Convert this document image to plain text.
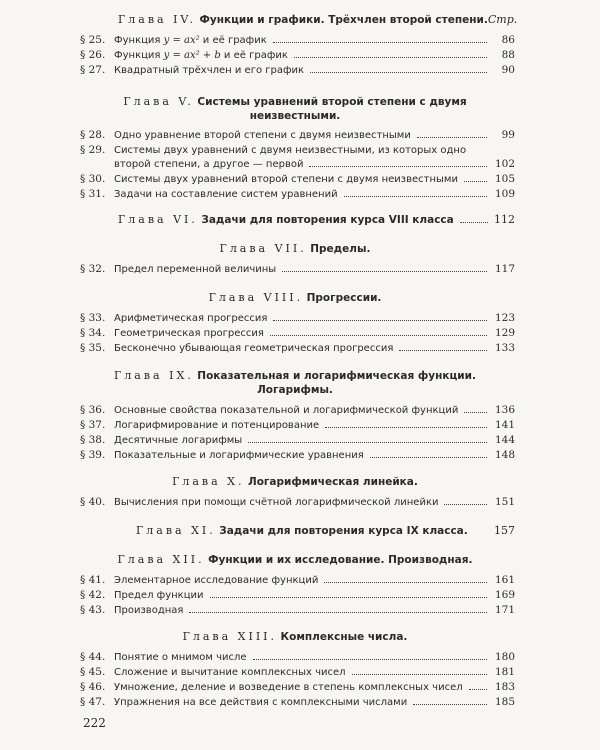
Глава IV. Функции и графики. Трёхчлен второй степени. Стр.
§ 25. Функция y = ax² и её график	86
§ 26. Функция y = ax² + b и её график	88
§ 27. Квадратный трёхчлен и его график	90
Глава V. Системы уравнений второй степени с двумя
неизвестными.
§ 28. Одно уравнение второй степени с двумя неизвестными	99
§ 29. Системы двух уравнений с двумя неизвестными, из которых одно
второй степени, а другое — первой	102
§ 30. Системы двух уравнений второй степени с двумя неизвестными	105
§ 31. Задачи на составление систем уравнений	109
Глава VI. Задачи для повторения курса VIII класса	112
Глава VII. Пределы.
§ 32. Предел переменной величины	117
Глава VIII. Прогрессии.
§ 33. Арифметическая прогрессия	123
§ 34. Геометрическая прогрессия	129
§ 35. Бесконечно убывающая геометрическая прогрессия	133
Глава IX. Показательная и логарифмическая функции.
Логарифмы.
§ 36. Основные свойства показательной и логарифмической функций	136
§ 37. Логарифмирование и потенцирование	141
§ 38. Десятичные логарифмы	144
§ 39. Показательные и логарифмические уравнения	148
Глава X. Логарифмическая линейка.
§ 40. Вычисления при помощи счётной логарифмической линейки	151
Глава XI. Задачи для повторения курса IX класса. 157
Глава XII. Функции и их исследование. Производная.
§ 41. Элементарное исследование функций	161
§ 42. Предел функции	169
§ 43. Производная	171
Глава XIII. Комплексные числа.
§ 44. Понятие о мнимом числе	180
§ 45. Сложение и вычитание комплексных чисел	181
§ 46. Умножение, деление и возведение в степень комплексных чисел	183
§ 47. Упражнения на все действия с комплексными числами	185
222
